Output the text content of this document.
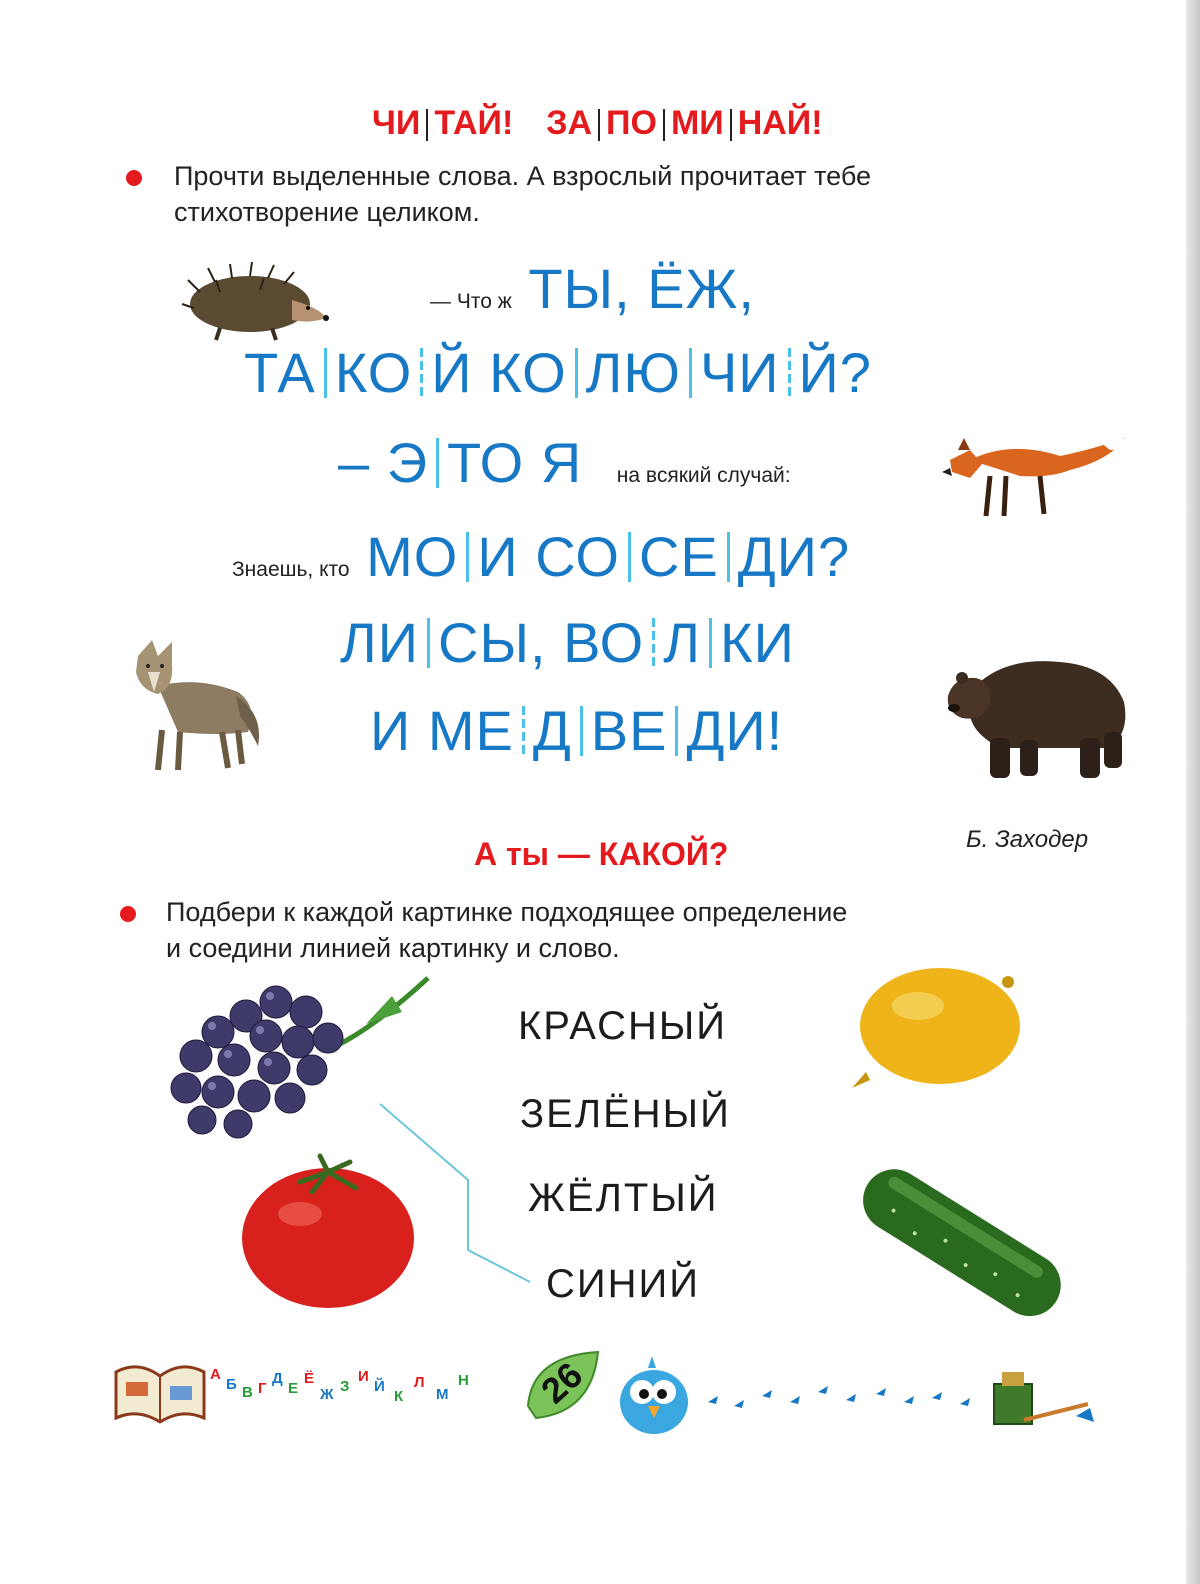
ЧИ ТАЙ! ЗА ПО МИ НАЙ!
Прочти выделенные слова. А взрослый прочитает тебе
стихотворение целиком.
— Что ж ТЫ, ЁЖ,
ТА КО Й КО ЛЮ ЧИ Й?
– Э ТО Я на всякий случай:
Знаешь, кто МО И СО СЕ ДИ?
ЛИ СЫ, ВО Л КИ
И МЕ Д ВЕ ДИ!
Б. Заходер
А ты — КАКОЙ?
Подбери к каждой картинке подходящее определение
и соедини линией картинку и слово.
КРАСНЫЙ
ЗЕЛЁНЫЙ
ЖЁЛТЫЙ
СИНИЙ
А
Б В Г
Д
Е
Ё
Ж З
И
Й
К
Л
М
Н 26
